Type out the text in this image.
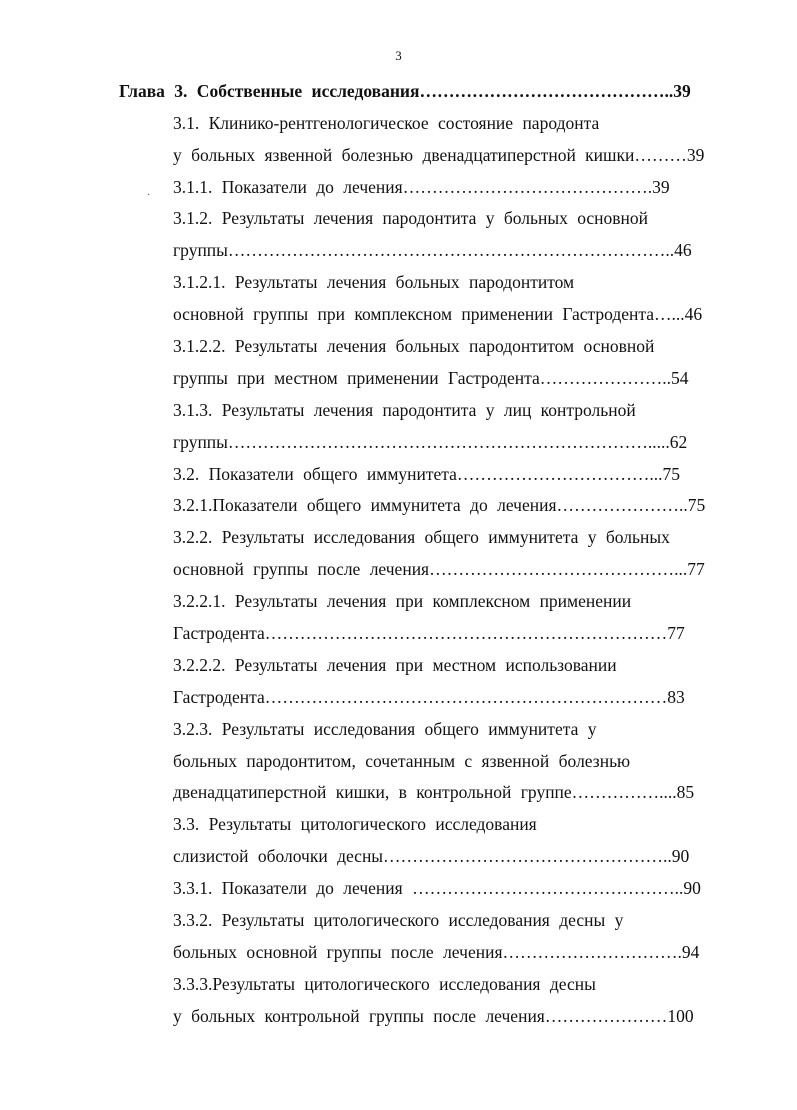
3
Глава 3. Собственные исследования……………………………………..39
3.1. Клинико-рентгенологическое состояние пародонта
у больных язвенной болезнью двенадцатиперстной кишки………39
3.1.1. Показатели до лечения…………………………………….39
3.1.2. Результаты лечения пародонтита у больных основной
группы…………………………………………………………………..46
3.1.2.1. Результаты лечения больных пародонтитом
основной группы при комплексном применении Гастродента…...46
3.1.2.2. Результаты лечения больных пародонтитом основной
группы при местном применении Гастродента…………………..54
3.1.3. Результаты лечения пародонтита у лиц контрольной
группы……………………………………………………………….....62
3.2. Показатели общего иммунитета……………………………...75
3.2.1.Показатели общего иммунитета до лечения…………………..75
3.2.2. Результаты исследования общего иммунитета у больных
основной группы после лечения……………………………………...77
3.2.2.1. Результаты лечения при комплексном применении
Гастродента……………………………………………………………77
3.2.2.2. Результаты лечения при местном использовании
Гастродента……………………………………………………………83
3.2.3. Результаты исследования общего иммунитета у
больных пародонтитом, сочетанным с язвенной болезнью
двенадцатиперстной кишки, в контрольной группе……………....85
3.3. Результаты цитологического исследования
слизистой оболочки десны…………………………………………..90
3.3.1. Показатели до лечения ………………………………………..90
3.3.2. Результаты цитологического исследования десны у
больных основной группы после лечения………………………….94
3.3.3.Результаты цитологического исследования десны
у больных контрольной группы после лечения…………………100
·
